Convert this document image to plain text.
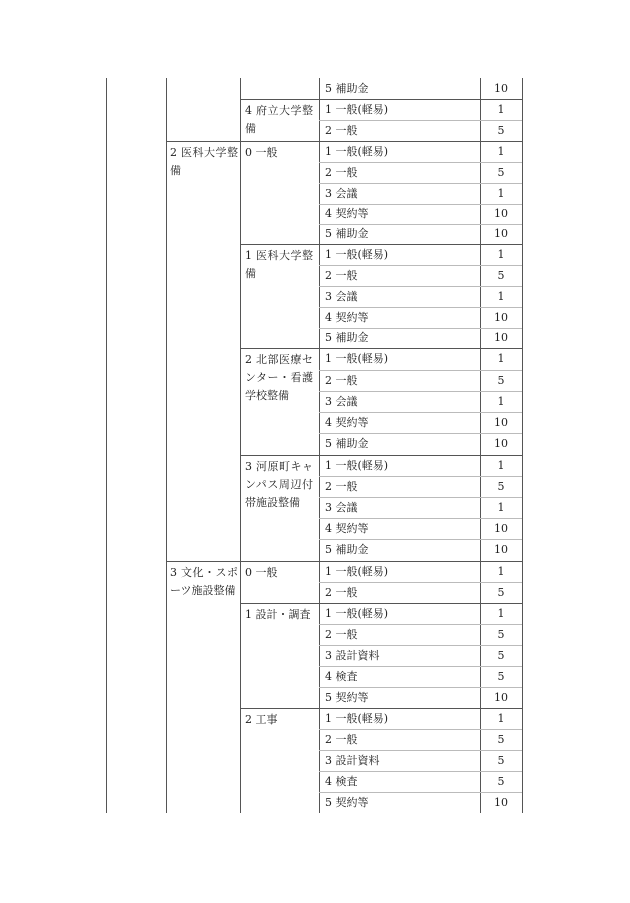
2 医科大学整備
3 文化・スポーツ施設整備
4 府立大学整備
0 一般
1 医科大学整備
2 北部医療センター・看護学校整備
3 河原町キャンパス周辺付帯施設整備
0 一般
1 設計・調査
2 工事
5 補助金
1 一般(軽易)
2 一般
1 一般(軽易)
2 一般
3 会議
4 契約等
5 補助金
1 一般(軽易)
2 一般
3 会議
4 契約等
5 補助金
1 一般(軽易)
2 一般
3 会議
4 契約等
5 補助金
1 一般(軽易)
2 一般
3 会議
4 契約等
5 補助金
1 一般(軽易)
2 一般
1 一般(軽易)
2 一般
3 設計資料
4 検査
5 契約等
1 一般(軽易)
2 一般
3 設計資料
4 検査
5 契約等
10
1
5
1
5
1
10
10
1
5
1
10
10
1
5
1
10
10
1
5
1
10
10
1
5
1
5
5
5
10
1
5
5
5
10
